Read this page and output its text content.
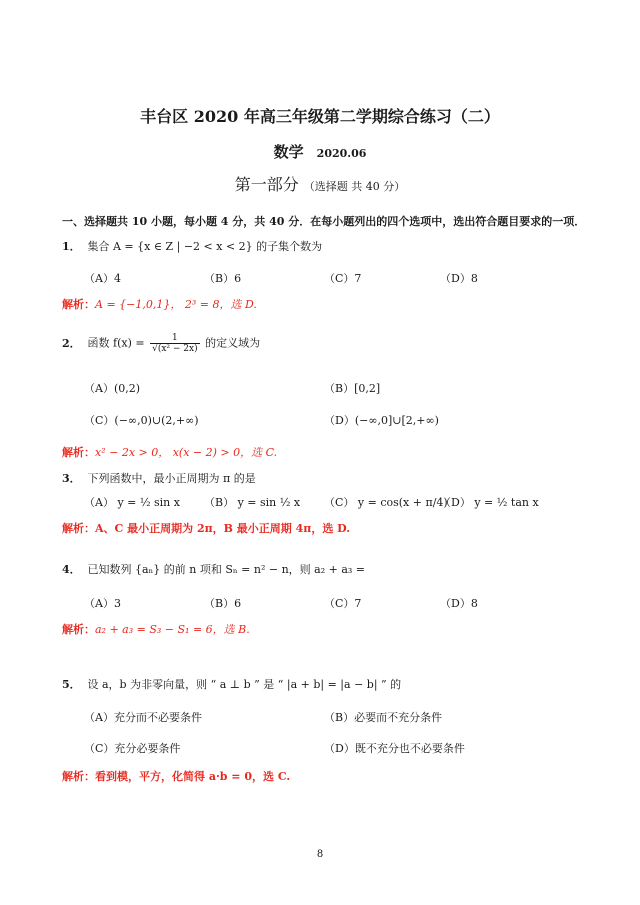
丰台区 2020 年高三年级第二学期综合练习（二）
数学 2020.06
第一部分 （选择题 共 40 分）
一、选择题共 10 小题，每小题 4 分，共 40 分．在每小题列出的四个选项中，选出符合题目要求的一项．
1． 集合 A = {x ∈ Z | −2 < x < 2} 的子集个数为
（A）4	（B）6	（C）7	（D）8
解析：A = {−1,0,1}， 2³ = 8，选 D.
2． 函数 $f(x) = \frac{1}{\text{√(x² − 2x)}}$ 的定义域为
（A）(0,2)	（B）[0,2]
（C）(−∞,0)∪(2,+∞)	（D）(−∞,0]∪[2,+∞)
解析：x² − 2x > 0， x(x − 2) > 0，选 C.
3． 下列函数中，最小正周期为 π 的是
（A） y = ½ sin x （B） y = sin ½ x （C） y = cos(x + π/4)
（D） y = ½ tan x
解析：A、C 最小正周期为 2π，B 最小正周期 4π，选 D.
4． 已知数列 {aₙ} 的前 n 项和 Sₙ = n² − n，则 a₂ + a₃ =
（A）3	（B）6	（C）7	（D）8
解析：a₂ + a₃ = S₃ − S₁ = 6，选 B.
5． 设 a，b 为非零向量，则 “ a ⊥ b ” 是 “ |a + b| = |a − b| ” 的
（A）充分而不必要条件	（B）必要而不充分条件
（C）充分必要条件	（D）既不充分也不必要条件
解析：看到模，平方，化简得 a·b = 0，选 C.
8
